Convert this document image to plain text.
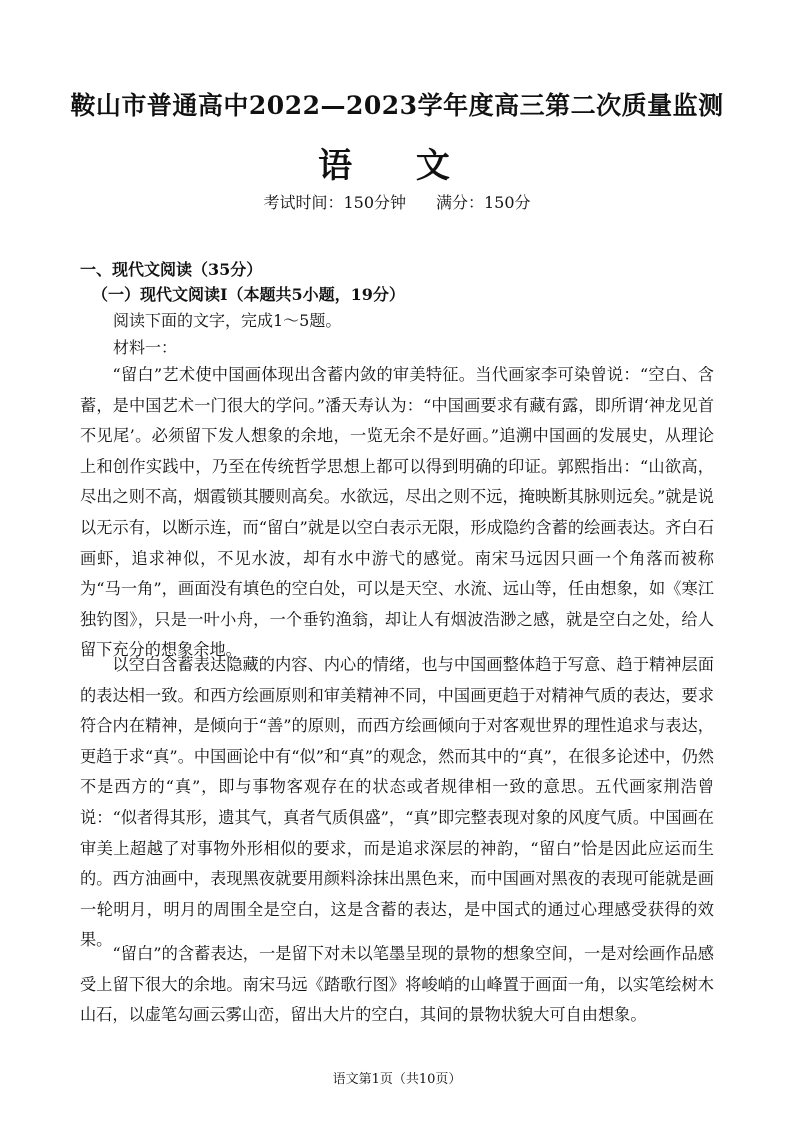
鞍山市普通高中2022—2023学年度高三第二次质量监测
语 文
考试时间：150分钟 满分：150分
一、现代文阅读（35分）
（一）现代文阅读Ⅰ（本题共5小题，19分）
阅读下面的文字，完成1～5题。
材料一：

“留白”艺术使中国画体现出含蓄内敛的审美特征。当代画家李可染曾说：“空白、含蓄，是中国艺术一门很大的学问。”潘天寿认为：“中国画要求有藏有露，即所谓‘神龙见首不见尾’。必须留下发人想象的余地，一览无余不是好画。”追溯中国画的发展史，从理论上和创作实践中，乃至在传统哲学思想上都可以得到明确的印证。郭熙指出：“山欲高，尽出之则不高，烟霞锁其腰则高矣。水欲远，尽出之则不远，掩映断其脉则远矣。”就是说以无示有，以断示连，而“留白”就是以空白表示无限，形成隐约含蓄的绘画表达。齐白石画虾，追求神似，不见水波，却有水中游弋的感觉。南宋马远因只画一个角落而被称为“马一角”，画面没有填色的空白处，可以是天空、水流、远山等，任由想象，如《寒江独钓图》，只是一叶小舟，一个垂钓渔翁，却让人有烟波浩渺之感，就是空白之处，给人留下充分的想象余地。

以空白含蓄表达隐藏的内容、内心的情绪，也与中国画整体趋于写意、趋于精神层面的表达相一致。和西方绘画原则和审美精神不同，中国画更趋于对精神气质的表达，要求符合内在精神，是倾向于“善”的原则，而西方绘画倾向于对客观世界的理性追求与表达，更趋于求“真”。中国画论中有“似”和“真”的观念，然而其中的“真”，在很多论述中，仍然不是西方的“真”，即与事物客观存在的状态或者规律相一致的意思。五代画家荆浩曾说：“似者得其形，遗其气，真者气质俱盛”，“真”即完整表现对象的风度气质。中国画在审美上超越了对事物外形相似的要求，而是追求深层的神韵，“留白”恰是因此应运而生的。西方油画中，表现黑夜就要用颜料涂抹出黑色来，而中国画对黑夜的表现可能就是画一轮明月，明月的周围全是空白，这是含蓄的表达，是中国式的通过心理感受获得的效果。

“留白”的含蓄表达，一是留下对未以笔墨呈现的景物的想象空间，一是对绘画作品感受上留下很大的余地。南宋马远《踏歌行图》将峻峭的山峰置于画面一角，以实笔绘树木山石，以虚笔勾画云雾山峦，留出大片的空白，其间的景物状貌大可自由想象。

语文第1页（共10页）
